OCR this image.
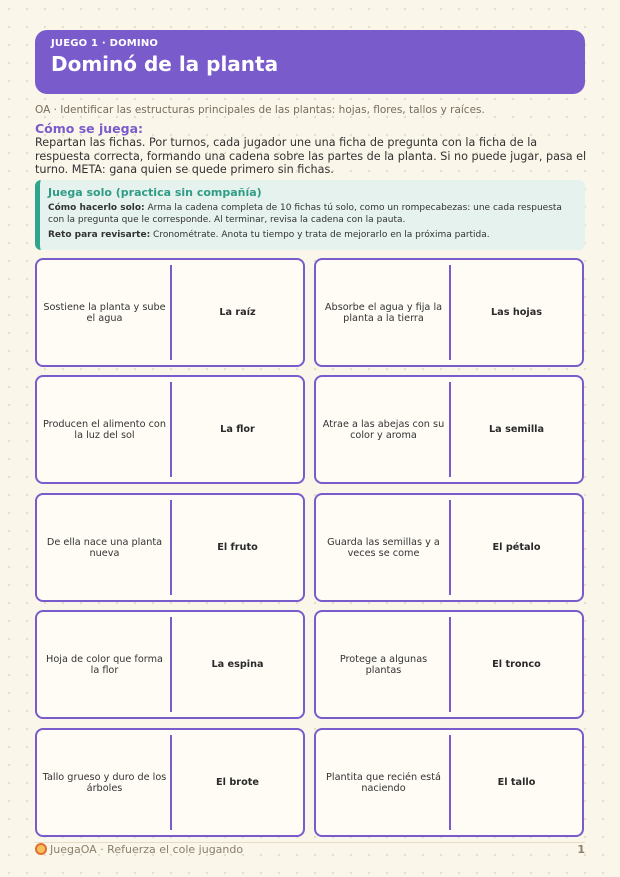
JUEGO 1 · DOMINO
Dominó de la planta
OA · Identificar las estructuras principales de las plantas: hojas, flores, tallos y raíces.
Cómo se juega:
Repartan las fichas. Por turnos, cada jugador une una ficha de pregunta con la ficha de la respuesta correcta, formando una cadena sobre las partes de la planta. Si no puede jugar, pasa el turno. META: gana quien se quede primero sin fichas.
Juega solo (practica sin compañía)
Cómo hacerlo solo: Arma la cadena completa de 10 fichas tú solo, como un rompecabezas: une cada respuesta con la pregunta que le corresponde. Al terminar, revisa la cadena con la pauta.
Reto para revisarte: Cronométrate. Anota tu tiempo y trata de mejorarlo en la próxima partida.
Sostiene la planta y sube el agua	La raíz	Absorbe el agua y fija la planta a la tierra	Las hojas
Producen el alimento con la luz del sol	La flor	Atrae a las abejas con su color y aroma	La semilla
De ella nace una planta nueva	El fruto	Guarda las semillas y a veces se come	El pétalo
Hoja de color que forma la flor	La espina	Protege a algunas plantas	El tronco
Tallo grueso y duro de los árboles	El brote	Plantita que recién está naciendo	El tallo
JuegaOA · Refuerza el cole jugando	1
